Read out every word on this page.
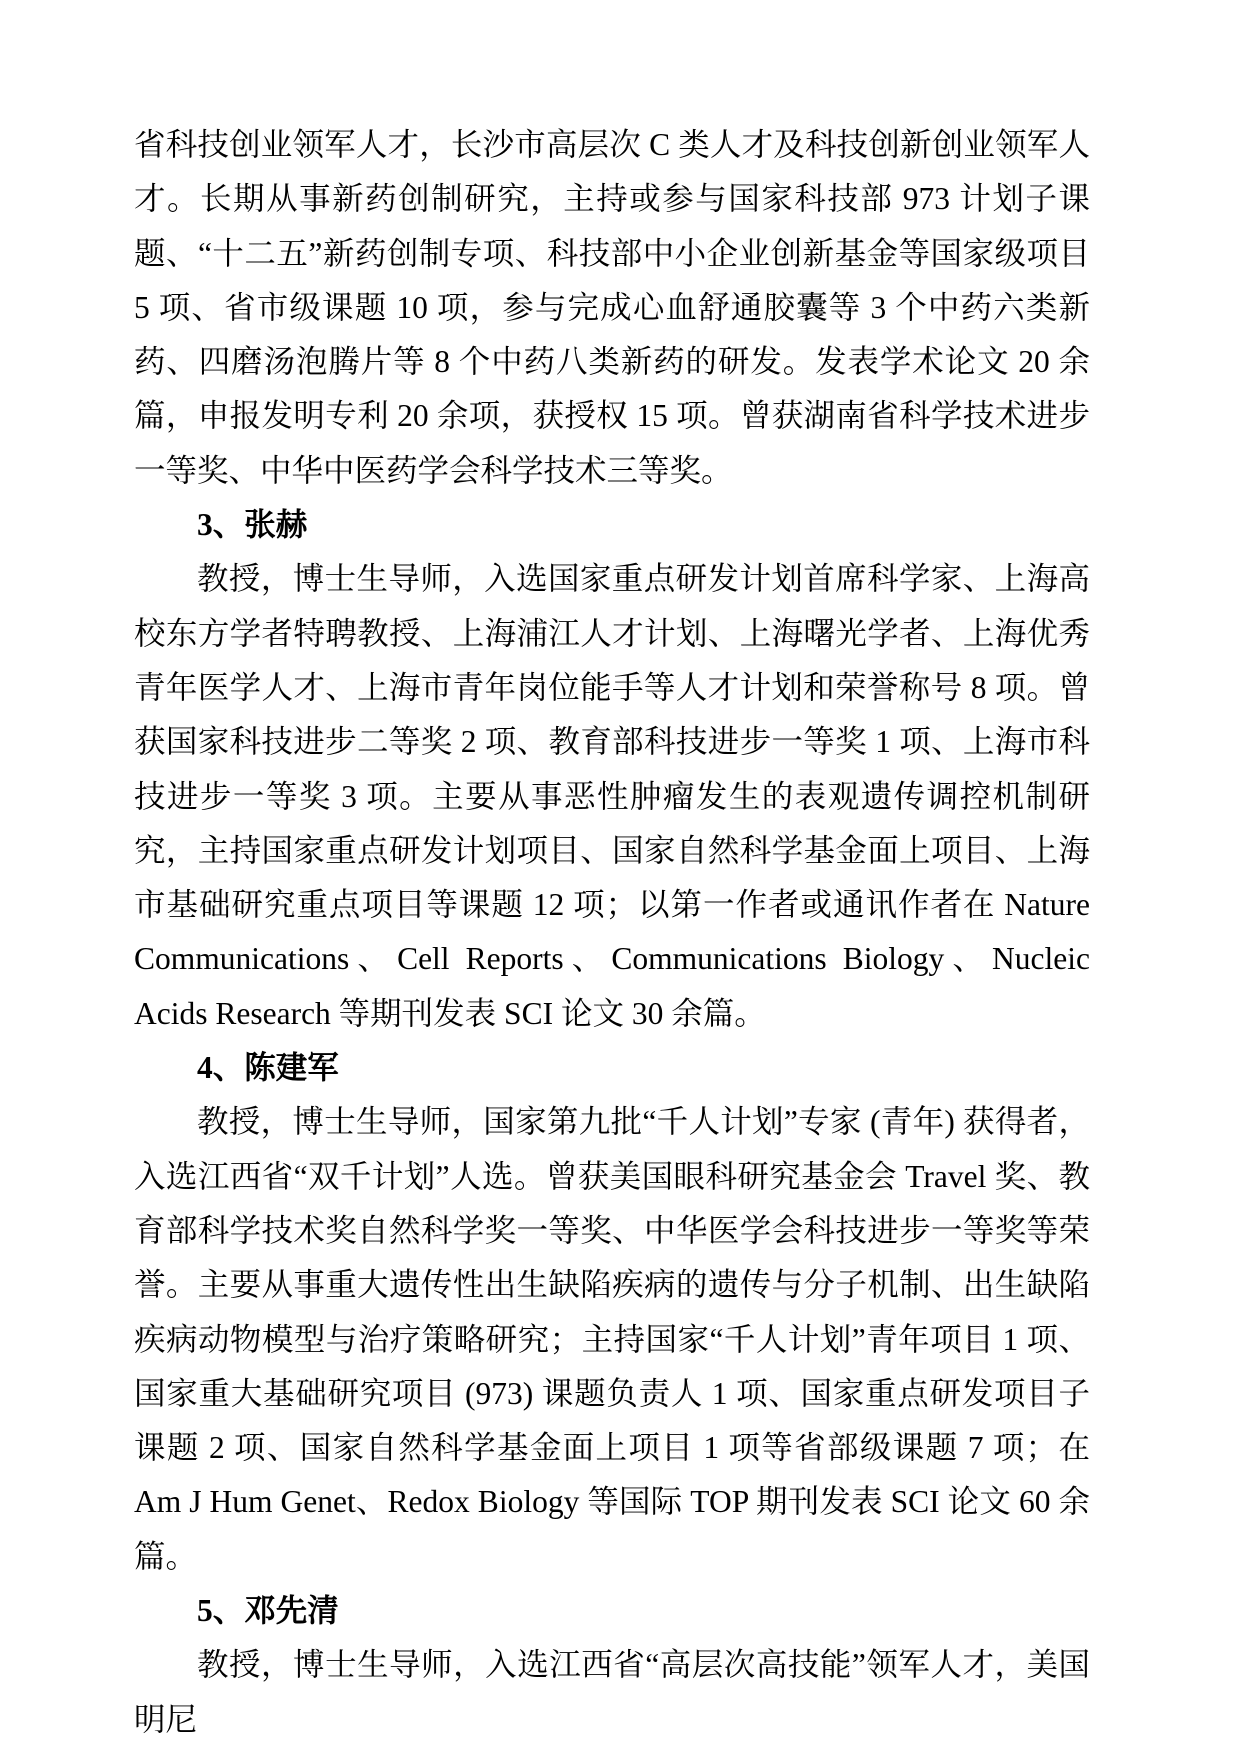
省科技创业领军人才，长沙市高层次 C 类人才及科技创新创业领军人才。长期从事新药创制研究，主持或参与国家科技部 973 计划子课题、“十二五”新药创制专项、科技部中小企业创新基金等国家级项目 5 项、省市级课题 10 项，参与完成心血舒通胶囊等 3 个中药六类新药、四磨汤泡腾片等 8 个中药八类新药的研发。发表学术论文 20 余篇，申报发明专利 20 余项，获授权 15 项。曾获湖南省科学技术进步一等奖、中华中医药学会科学技术三等奖。

3、张赫

教授，博士生导师，入选国家重点研发计划首席科学家、上海高校东方学者特聘教授、上海浦江人才计划、上海曙光学者、上海优秀青年医学人才、上海市青年岗位能手等人才计划和荣誉称号 8 项。曾获国家科技进步二等奖 2 项、教育部科技进步一等奖 1 项、上海市科技进步一等奖 3 项。主要从事恶性肿瘤发生的表观遗传调控机制研究，主持国家重点研发计划项目、国家自然科学基金面上项目、上海市基础研究重点项目等课题 12 项；以第一作者或通讯作者在 Nature Communications、Cell Reports、Communications Biology、Nucleic Acids Research 等期刊发表 SCI 论文 30 余篇。

4、陈建军

教授，博士生导师，国家第九批“千人计划”专家 (青年) 获得者，入选江西省“双千计划”人选。曾获美国眼科研究基金会 Travel 奖、教育部科学技术奖自然科学奖一等奖、中华医学会科技进步一等奖等荣誉。主要从事重大遗传性出生缺陷疾病的遗传与分子机制、出生缺陷疾病动物模型与治疗策略研究；主持国家“千人计划”青年项目 1 项、国家重大基础研究项目 (973) 课题负责人 1 项、国家重点研发项目子课题 2 项、国家自然科学基金面上项目 1 项等省部级课题 7 项；在 Am J Hum Genet、Redox Biology 等国际 TOP 期刊发表 SCI 论文 60 余篇。

5、邓先清

教授，博士生导师，入选江西省“高层次高技能”领军人才，美国明尼
